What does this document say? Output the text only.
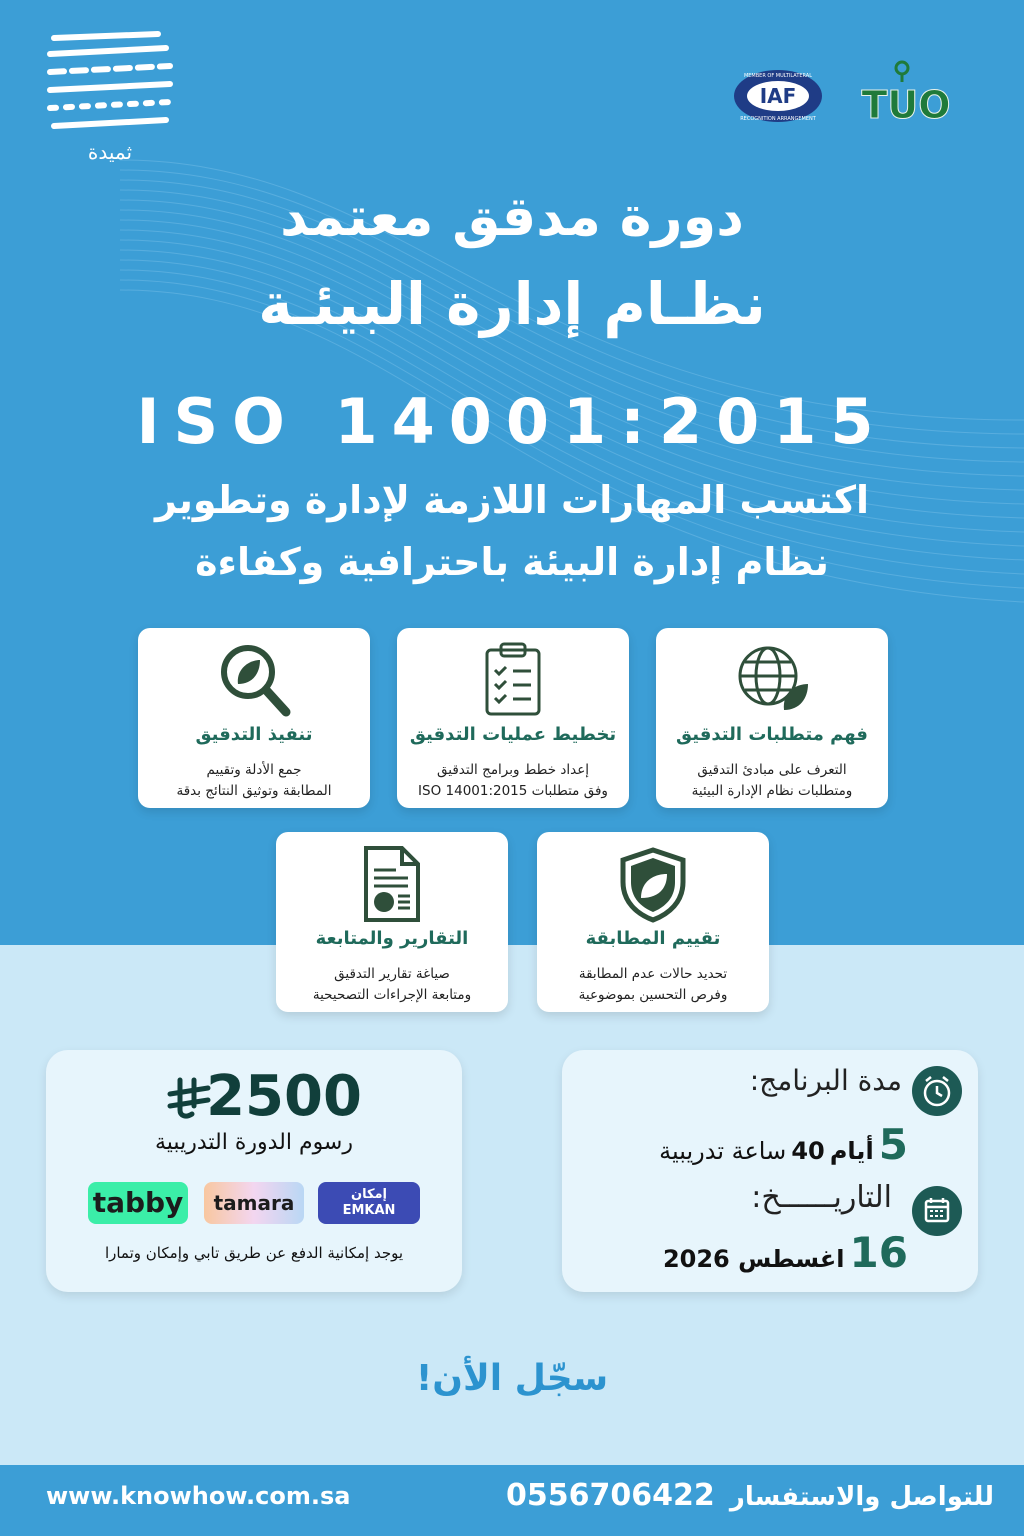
ثميدة
IAF
MEMBER OF MULTILATERAL
RECOGNITION ARRANGEMENT TUO
دورة مدقق معتمد
نظـام إدارة البيئـة
ISO 14001:2015
اكتسب المهارات اللازمة لإدارة وتطوير
نظام إدارة البيئة باحترافية وكفاءة
فهم متطلبات التدقيق
التعرف على مبادئ التدقيق
ومتطلبات نظام الإدارة البيئية
تخطيط عمليات التدقيق
إعداد خطط وبرامج التدقيق
وفق متطلبات ISO 14001:2015
تنفيذ التدقيق
جمع الأدلة وتقييم
المطابقة وتوثيق النتائج بدقة
تقييم المطابقة
تحديد حالات عدم المطابقة
وفرص التحسين بموضوعية
التقارير والمتابعة
صياغة تقارير التدقيق
ومتابعة الإجراءات التصحيحية
2500
رسوم الدورة التدريبية
tabby	tamara	إمكان
EMKAN
يوجد إمكانية الدفع عن طريق تابي وإمكان وتمارا
مدة البرنامج:
5 أيام 40 ساعة تدريبية
التاريــــــخ:
16 اغسطس 2026
سجّل الأن!
www.knowhow.com.sa	للتواصل والاستفسار 0556706422
